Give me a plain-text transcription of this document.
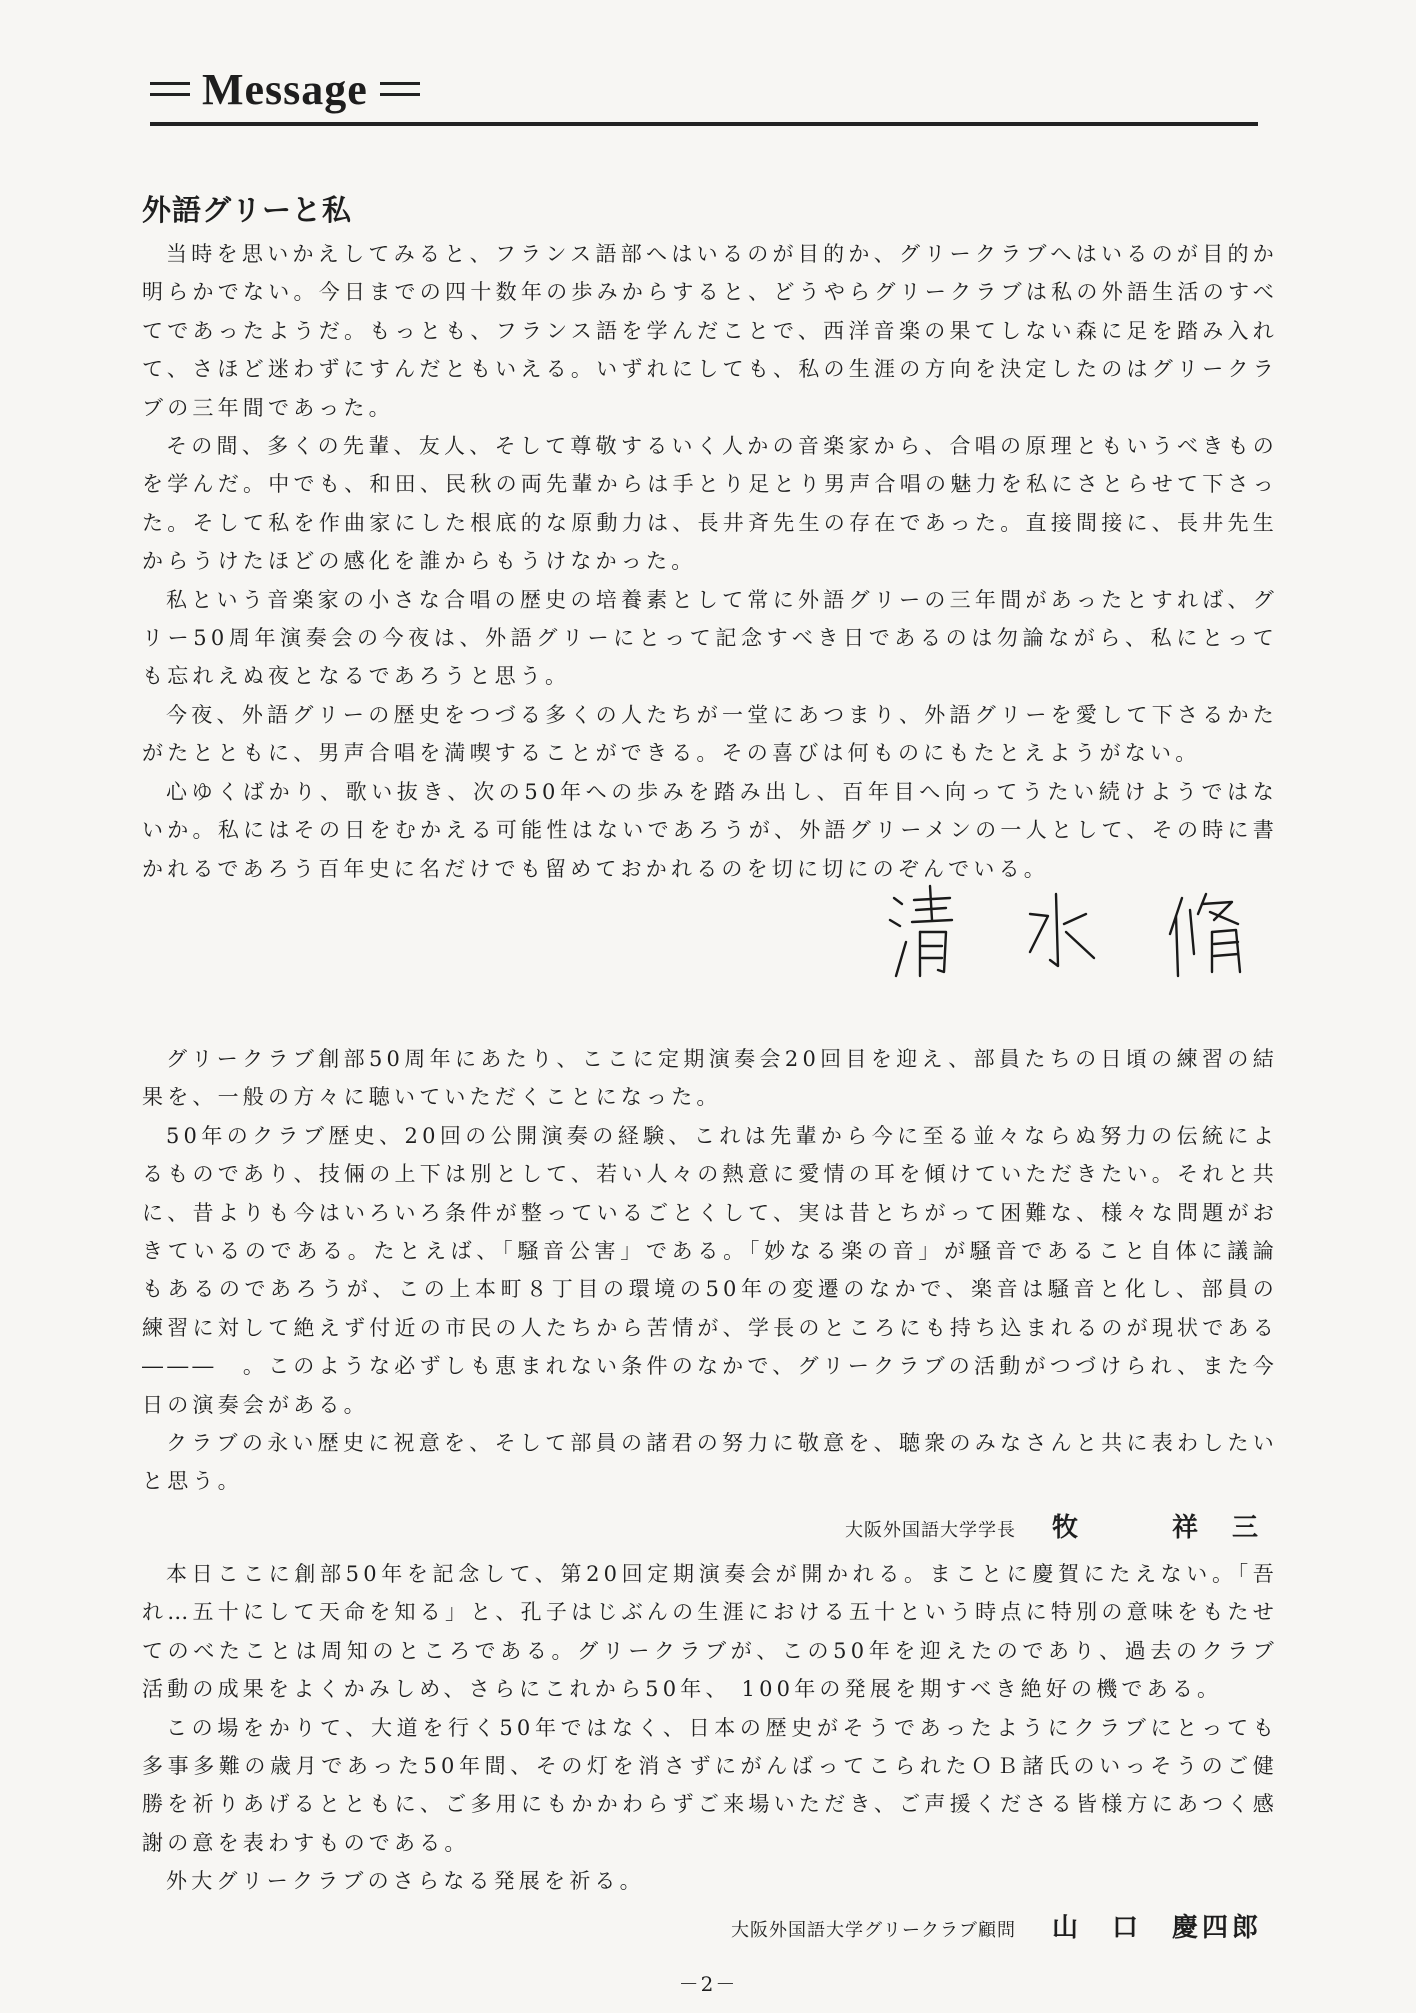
Message
外語グリーと私

当時を思いかえしてみると、フランス語部へはいるのが目的か、グリークラブへはいるのが目的か明らかでない。今日までの四十数年の歩みからすると、どうやらグリークラブは私の外語生活のすべてであったようだ。もっとも、フランス語を学んだことで、西洋音楽の果てしない森に足を踏み入れて、さほど迷わずにすんだともいえる。いずれにしても、私の生涯の方向を決定したのはグリークラブの三年間であった。

その間、多くの先輩、友人、そして尊敬するいく人かの音楽家から、合唱の原理ともいうべきものを学んだ。中でも、和田、民秋の両先輩からは手とり足とり男声合唱の魅力を私にさとらせて下さった。そして私を作曲家にした根底的な原動力は、長井斉先生の存在であった。直接間接に、長井先生からうけたほどの感化を誰からもうけなかった。

私という音楽家の小さな合唱の歴史の培養素として常に外語グリーの三年間があったとすれば、グリー50周年演奏会の今夜は、外語グリーにとって記念すべき日であるのは勿論ながら、私にとっても忘れえぬ夜となるであろうと思う。

今夜、外語グリーの歴史をつづる多くの人たちが一堂にあつまり、外語グリーを愛して下さるかたがたとともに、男声合唱を満喫することができる。その喜びは何ものにもたとえようがない。

心ゆくばかり、歌い抜き、次の50年への歩みを踏み出し、百年目へ向ってうたい続けようではないか。私にはその日をむかえる可能性はないであろうが、外語グリーメンの一人として、その時に書かれるであろう百年史に名だけでも留めておかれるのを切に切にのぞんでいる。

グリークラブ創部50周年にあたり、ここに定期演奏会20回目を迎え、部員たちの日頃の練習の結果を、一般の方々に聴いていただくことになった。

50年のクラブ歴史、20回の公開演奏の経験、これは先輩から今に至る並々ならぬ努力の伝統によるものであり、技倆の上下は別として、若い人々の熱意に愛情の耳を傾けていただきたい。それと共に、昔よりも今はいろいろ条件が整っているごとくして、実は昔とちがって困難な、様々な問題がおきているのである。たとえば、「騒音公害」である。「妙なる楽の音」が騒音であること自体に議論もあるのであろうが、この上本町８丁目の環境の50年の変遷のなかで、楽音は騒音と化し、部員の練習に対して絶えず付近の市民の人たちから苦情が、学長のところにも持ち込まれるのが現状である―――　。このような必ずしも恵まれない条件のなかで、グリークラブの活動がつづけられ、また今日の演奏会がある。

クラブの永い歴史に祝意を、そして部員の諸君の努力に敬意を、聴衆のみなさんと共に表わしたいと思う。

大阪外国語大学学長 牧　　　祥　三

本日ここに創部50年を記念して、第20回定期演奏会が開かれる。まことに慶賀にたえない。「吾れ…五十にして天命を知る」と、孔子はじぶんの生涯における五十という時点に特別の意味をもたせてのべたことは周知のところである。グリークラブが、この50年を迎えたのであり、過去のクラブ活動の成果をよくかみしめ、さらにこれから50年、 100年の発展を期すべき絶好の機である。

この場をかりて、大道を行く50年ではなく、日本の歴史がそうであったようにクラブにとっても多事多難の歳月であった50年間、その灯を消さずにがんばってこられたＯＢ諸氏のいっそうのご健勝を祈りあげるとともに、ご多用にもかかわらずご来場いただき、ご声援くださる皆様方にあつく感謝の意を表わすものである。

外大グリークラブのさらなる発展を祈る。

大阪外国語大学グリークラブ顧問 山　口　慶四郎
－2－
